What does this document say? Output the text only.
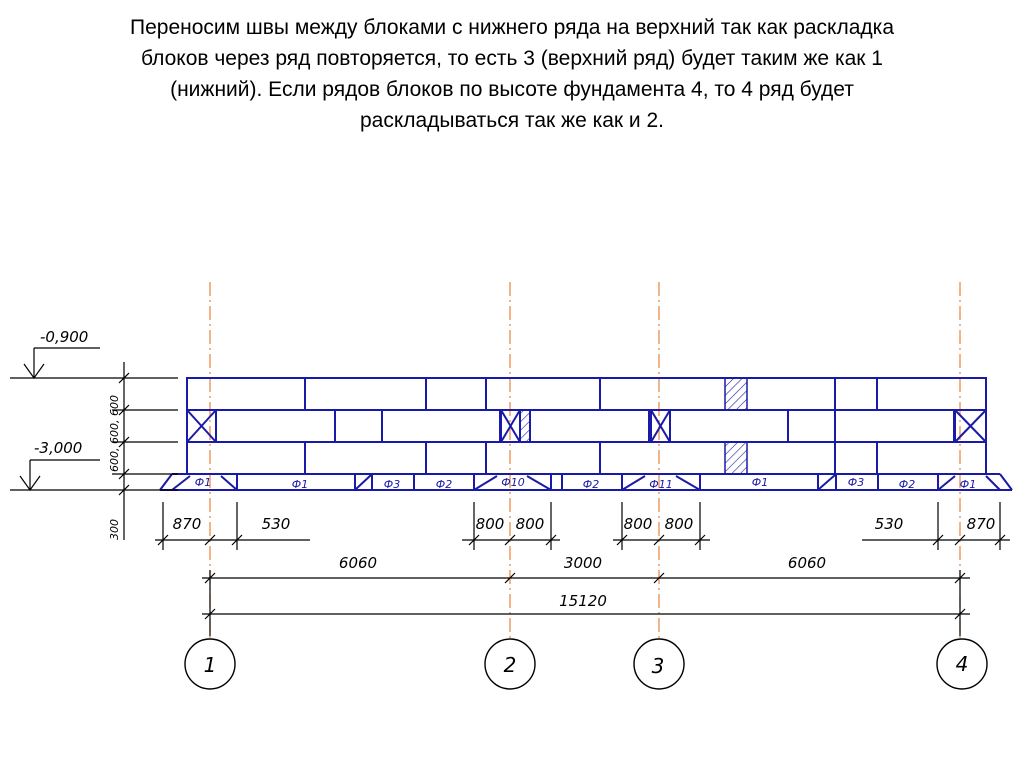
Переносим швы между блоками с нижнего ряда на верхний так как раскладка
блоков через ряд повторяется, то есть 3 (верхний ряд) будет таким же как 1
(нижний). Если рядов блоков по высоте фундамента 4, то 4 ряд будет
раскладываться так же как и 2.
Ф1	Ф1	Ф3	Ф2	Ф10	Ф2	Ф11	Ф1	Ф3	Ф2	Ф1
-0,900
-3,000 600, 600, 600
300	870	530	800 800	800 800	530	870
6060	3000	6060
15120
1	2	3	4
